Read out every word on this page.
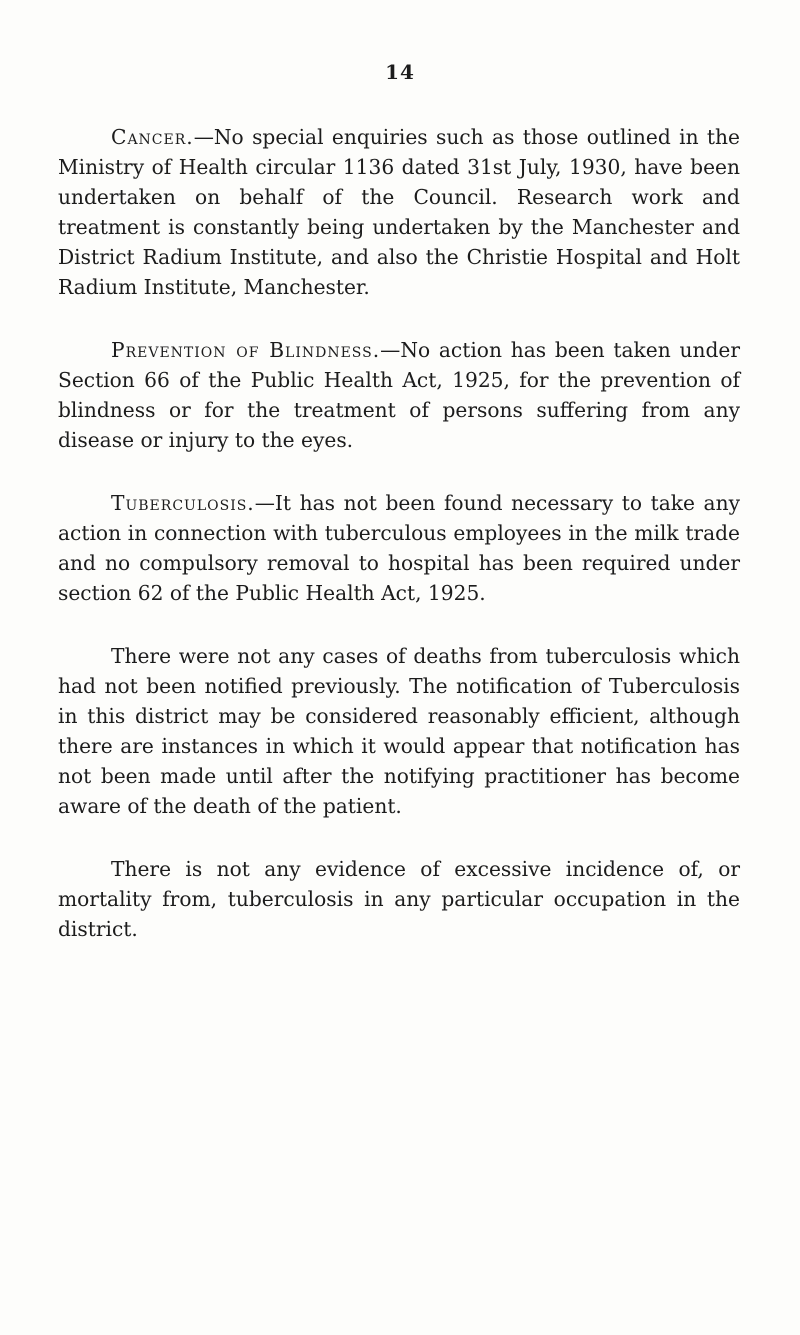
14

Cancer.—No special enquiries such as those outlined in the Ministry of Health circular 1136 dated 31st July, 1930, have been undertaken on behalf of the Council. Research work and treatment is constantly being undertaken by the Manchester and District Radium Institute, and also the Christie Hospital and Holt Radium Institute, Manchester.

Prevention of Blindness.—No action has been taken under Section 66 of the Public Health Act, 1925, for the prevention of blindness or for the treatment of persons suffering from any disease or injury to the eyes.

Tuberculosis.—It has not been found necessary to take any action in connection with tuberculous employees in the milk trade and no compulsory removal to hospital has been required under section 62 of the Public Health Act, 1925.

There were not any cases of deaths from tuberculosis which had not been notified previously. The notification of Tuberculosis in this district may be considered reasonably efficient, although there are instances in which it would appear that notification has not been made until after the notifying practitioner has become aware of the death of the patient.

There is not any evidence of excessive incidence of, or mortality from, tuberculosis in any particular occupation in the district.
